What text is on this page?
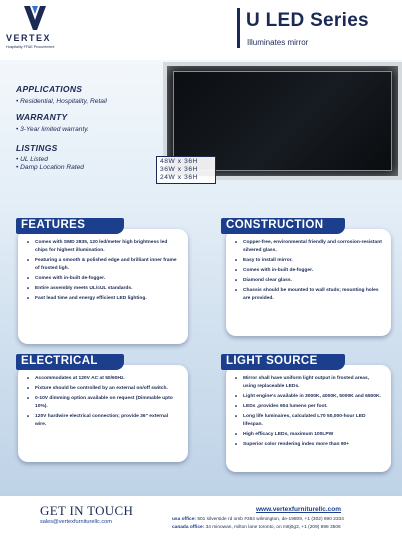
VERTEX
Hospitality FF&E Procurement
U LED Series
Illuminates mirror
48W x 36H
36W x 36H
24W x 36H
APPLICATIONS
• Residential, Hospitality, Retail
WARRANTY
• 3-Year limited warranty.
LISTINGS
• UL Listed
• Damp Location Rated
• Comes with SMD 2835, 120 led/meter high brightness led chips for highest illumination.
• Featuring a smooth & polished edge and brilliant inner frame of frosted ligh.
• Comes with in-built de-fogger.
• Entire assembly meets UL/cUL standards.
• Fast lead time and energy efficient LED lighting.
FEATURES
• Copper-free, environmental friendly and corrosion-resistant silvered glass.
• Easy to install mirror.
• Comes with in-built de-fogger.
• Diamond clear glass.
• Chassis should be mounted to wall studs; mounting holes are provided.
CONSTRUCTION
• Accommodates at 120V AC at 50/60Hz.
• Fixture should be controlled by an external on/off switch.
• 0-10V dimming option available on request (Dimmable upto 10%).
• 120V hardwire electrical connection; provide 36" external wire.
ELECTRICAL
• Mirror shall have uniform light output in frosted areas, using replaceable LEDs.
• Light engine's available in 3000K, 4000K, 5000K and 6500K.
• LEDs ,provides 604 lumens per foot.
• Long life luminaires, calculated L70 50,000-hour LED lifespan.
• High efficacy LEDs, maximum 100LPW
• Superior color rendering index more than 90+
LIGHT SOURCE
GET IN TOUCH
sales@vertexfurniturellc.com
www.vertexfurniturellc.com
usa office: 501 silverside rd omb #384 wilmington, de-19809, +1 (302) 690 2334
canada office: 34 minowan, milton lane toronto, on m8j0g3, +1 (209) 898 3506
